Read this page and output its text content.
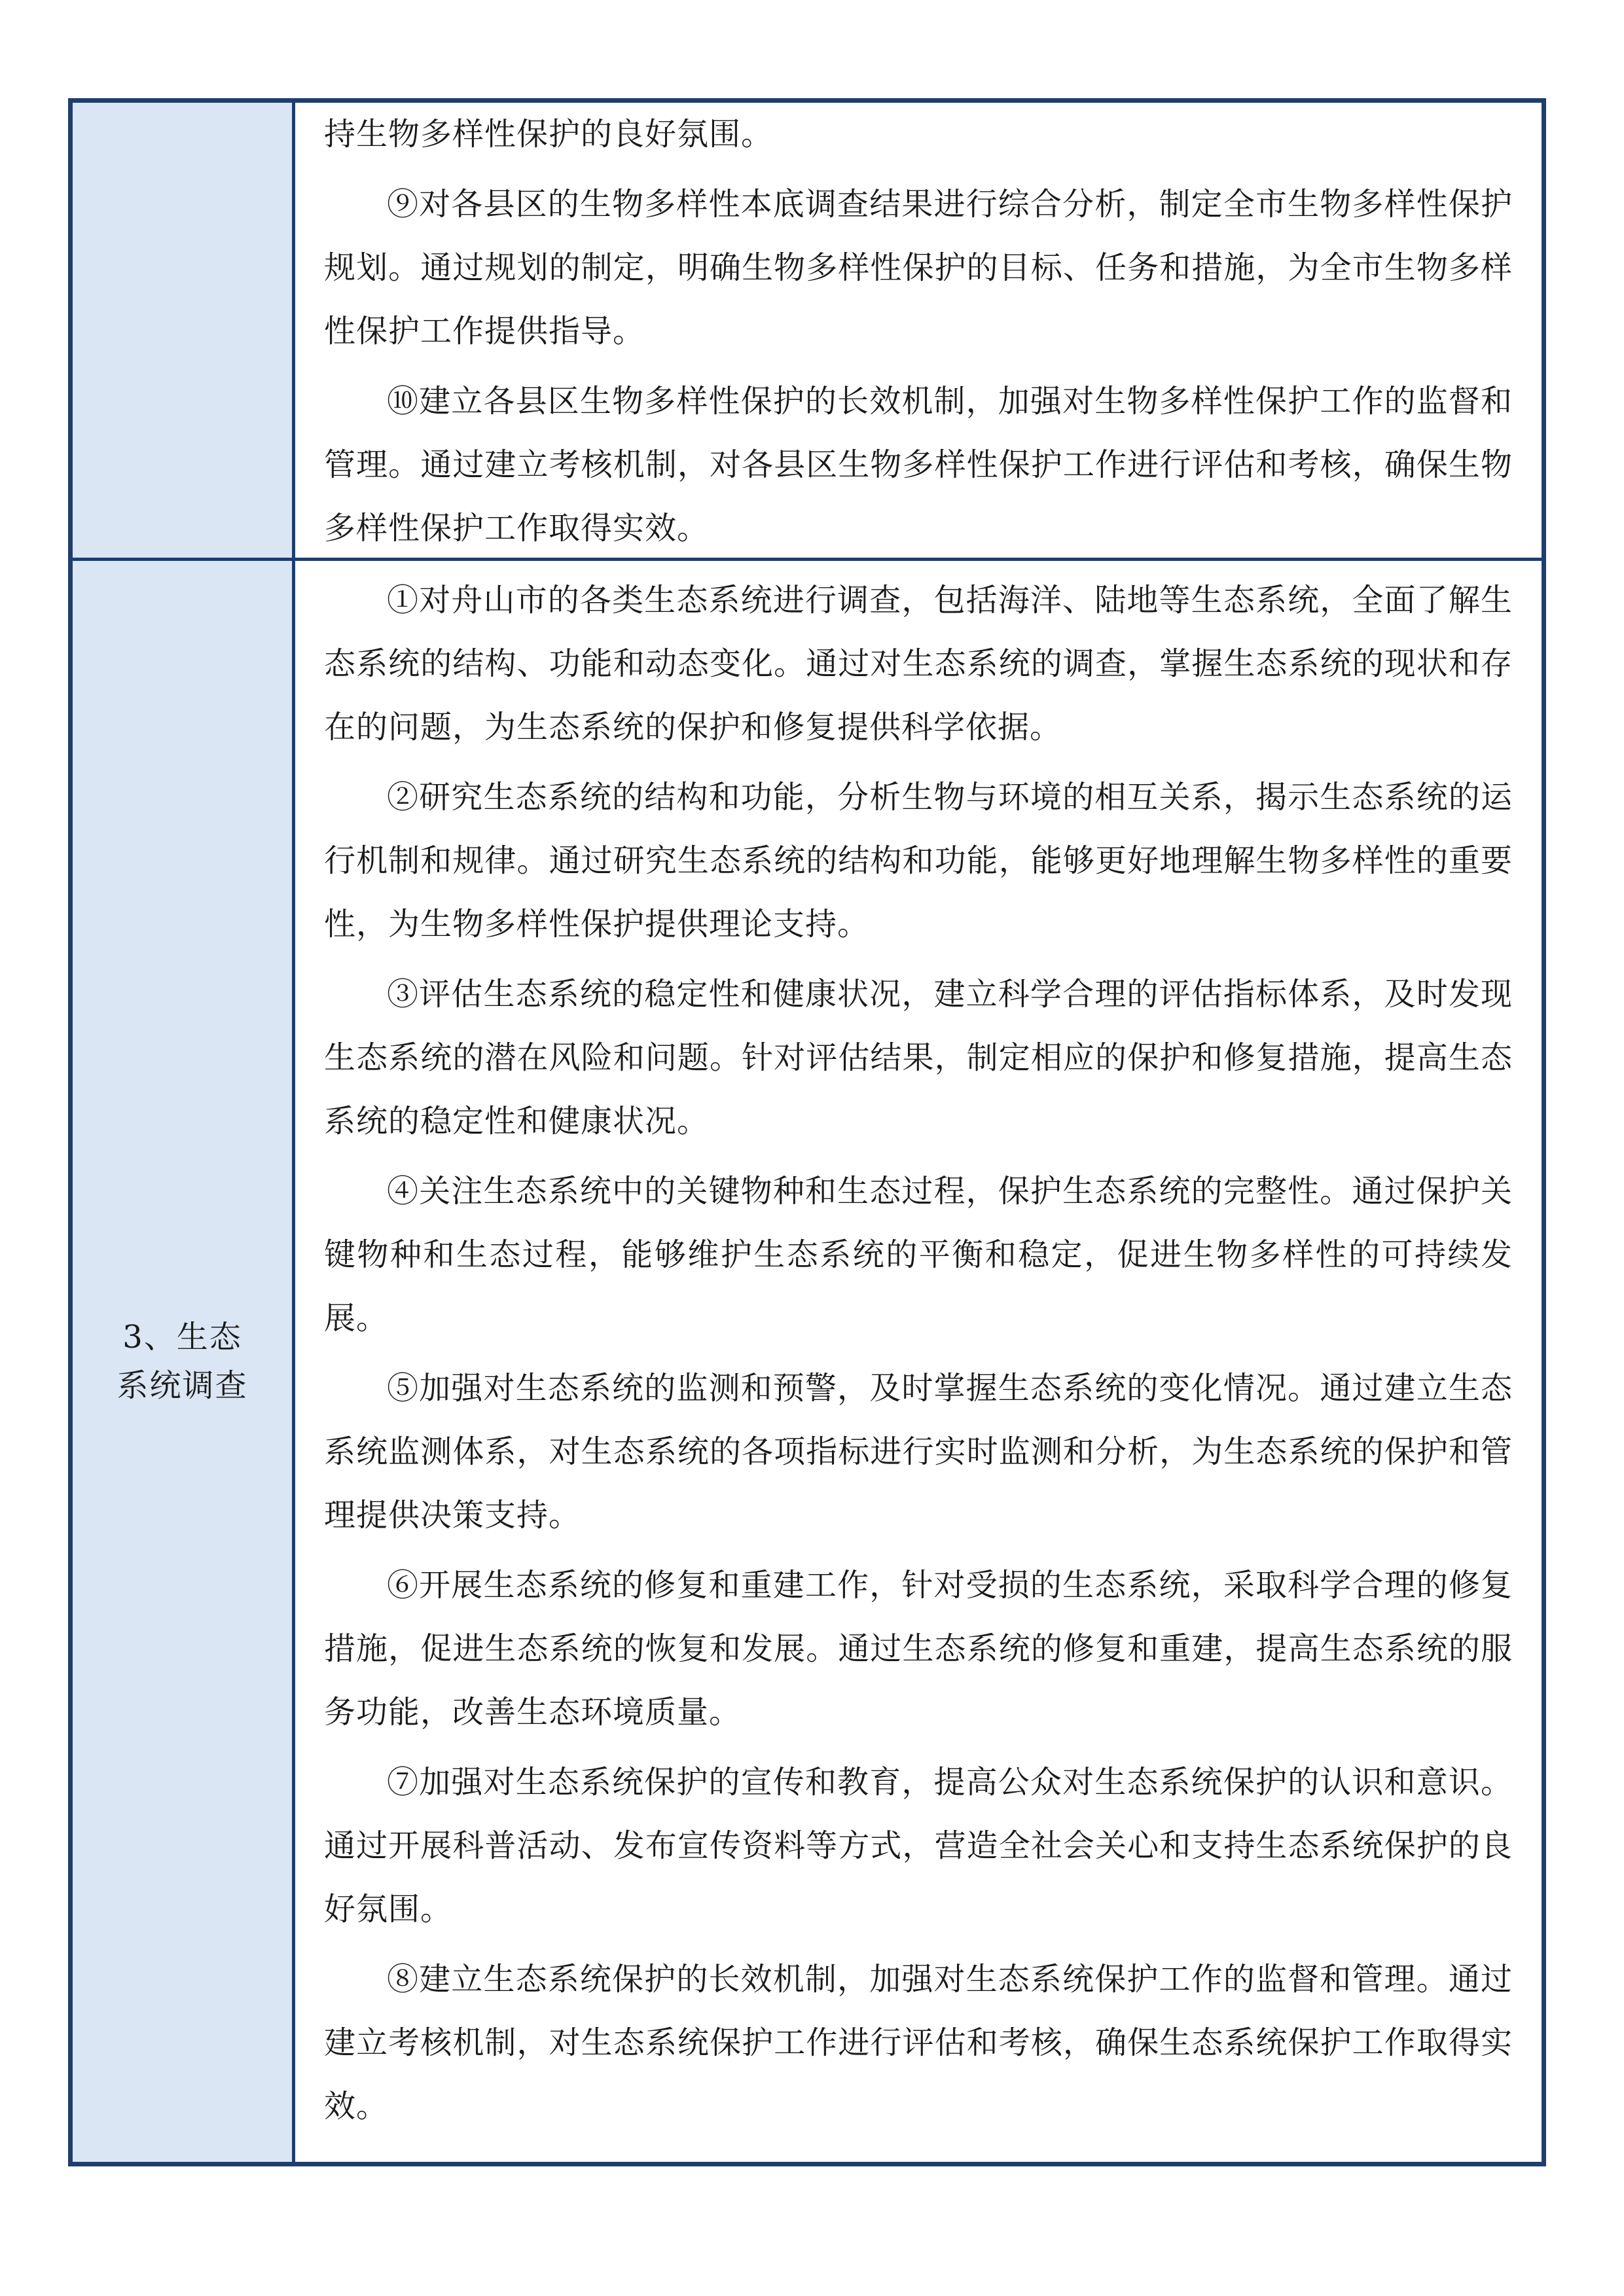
持生物多样性保护的良好氛围。

⑨对各县区的生物多样性本底调查结果进行综合分析，制定全市生物多样性保护规划。通过规划的制定，明确生物多样性保护的目标、任务和措施，为全市生物多样性保护工作提供指导。

⑩建立各县区生物多样性保护的长效机制，加强对生物多样性保护工作的监督和管理。通过建立考核机制，对各县区生物多样性保护工作进行评估和考核，确保生物多样性保护工作取得实效。

3、生态系统调查

①对舟山市的各类生态系统进行调查，包括海洋、陆地等生态系统，全面了解生态系统的结构、功能和动态变化。通过对生态系统的调查，掌握生态系统的现状和存在的问题，为生态系统的保护和修复提供科学依据。

②研究生态系统的结构和功能，分析生物与环境的相互关系，揭示生态系统的运行机制和规律。通过研究生态系统的结构和功能，能够更好地理解生物多样性的重要性，为生物多样性保护提供理论支持。

③评估生态系统的稳定性和健康状况，建立科学合理的评估指标体系，及时发现生态系统的潜在风险和问题。针对评估结果，制定相应的保护和修复措施，提高生态系统的稳定性和健康状况。

④关注生态系统中的关键物种和生态过程，保护生态系统的完整性。通过保护关键物种和生态过程，能够维护生态系统的平衡和稳定，促进生物多样性的可持续发展。

⑤加强对生态系统的监测和预警，及时掌握生态系统的变化情况。通过建立生态系统监测体系，对生态系统的各项指标进行实时监测和分析，为生态系统的保护和管理提供决策支持。

⑥开展生态系统的修复和重建工作，针对受损的生态系统，采取科学合理的修复措施，促进生态系统的恢复和发展。通过生态系统的修复和重建，提高生态系统的服务功能，改善生态环境质量。

⑦加强对生态系统保护的宣传和教育，提高公众对生态系统保护的认识和意识。通过开展科普活动、发布宣传资料等方式，营造全社会关心和支持生态系统保护的良好氛围。

⑧建立生态系统保护的长效机制，加强对生态系统保护工作的监督和管理。通过建立考核机制，对生态系统保护工作进行评估和考核，确保生态系统保护工作取得实效。
